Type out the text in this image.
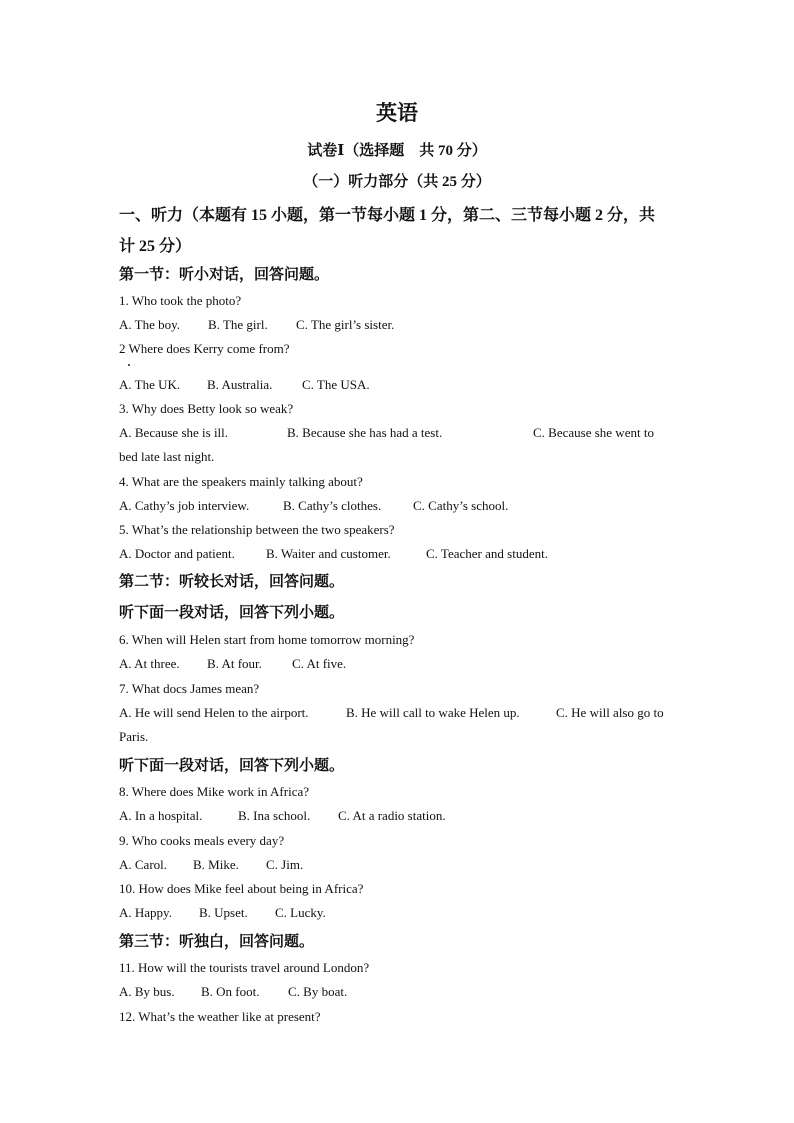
英语
试卷Ⅰ（选择题　共 70 分）
（一）听力部分（共 25 分）
一、听力（本题有 15 小题，第一节每小题 1 分，第二、三节每小题 2 分，共
计 25 分）
第一节：听小对话，回答问题。
1. Who took the photo?
A. The boy. B. The girl. C. The girl’s sister.
2 Where does Kerry come from?
A. The UK. B. Australia. C. The USA.
3. Why does Betty look so weak?
A. Because she is ill.	B. Because she has had a test.	C. Because she went to
bed late last night.
4. What are the speakers mainly talking about?
A. Cathy’s job interview.	B. Cathy’s clothes. C. Cathy’s school.
5. What’s the relationship between the two speakers?
A. Doctor and patient. B. Waiter and customer.	C. Teacher and student.
第二节：听较长对话，回答问题。
听下面一段对话，回答下列小题。
6. When will Helen start from home tomorrow morning?
A. At three. B. At four. C. At five.
7. What docs James mean?
A. He will send Helen to the airport.	B. He will call to wake Helen up.	C. He will also go to
Paris.
听下面一段对话，回答下列小题。
8. Where does Mike work in Africa?
A. In a hospital.	B. Ina school. C. At a radio station.
9. Who cooks meals every day?
A. Carol. B. Mike. C. Jim.
10. How does Mike feel about being in Africa?
A. Happy. B. Upset. C. Lucky.
第三节：听独白，回答问题。
11. How will the tourists travel around London?
A. By bus. B. On foot. C. By boat.
12. What’s the weather like at present?
